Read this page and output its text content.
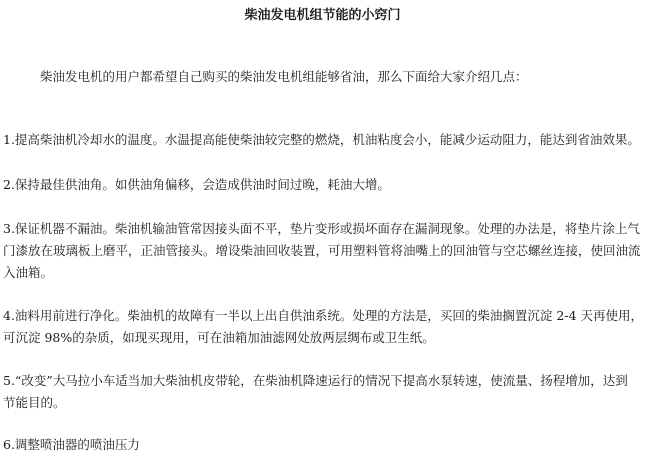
柴油发电机组节能的小窍门

柴油发电机的用户都希望自己购买的柴油发电机组能够省油，那么下面给大家介绍几点：

1.提高柴油机冷却水的温度。水温提高能使柴油较完整的燃烧，机油粘度会小，能减少运动阻力，能达到省油效果。

2.保持最佳供油角。如供油角偏移，会造成供油时间过晚，耗油大增。

3.保证机器不漏油。柴油机输油管常因接头面不平，垫片变形或损坏面存在漏洞现象。处理的办法是，将垫片涂上气
门漆放在玻璃板上磨平，正油管接头。增设柴油回收装置，可用塑料管将油嘴上的回油管与空芯螺丝连接，使回油流
入油箱。

4.油料用前进行净化。柴油机的故障有一半以上出自供油系统。处理的方法是，买回的柴油搁置沉淀 2-4 天再使用，
可沉淀 98%的杂质，如现买现用，可在油箱加油滤网处放两层绸布或卫生纸。

5.“改变”大马拉小车适当加大柴油机皮带轮，在柴油机降速运行的情况下提高水泵转速，使流量、扬程增加，达到
节能目的。

6.调整喷油器的喷油压力
